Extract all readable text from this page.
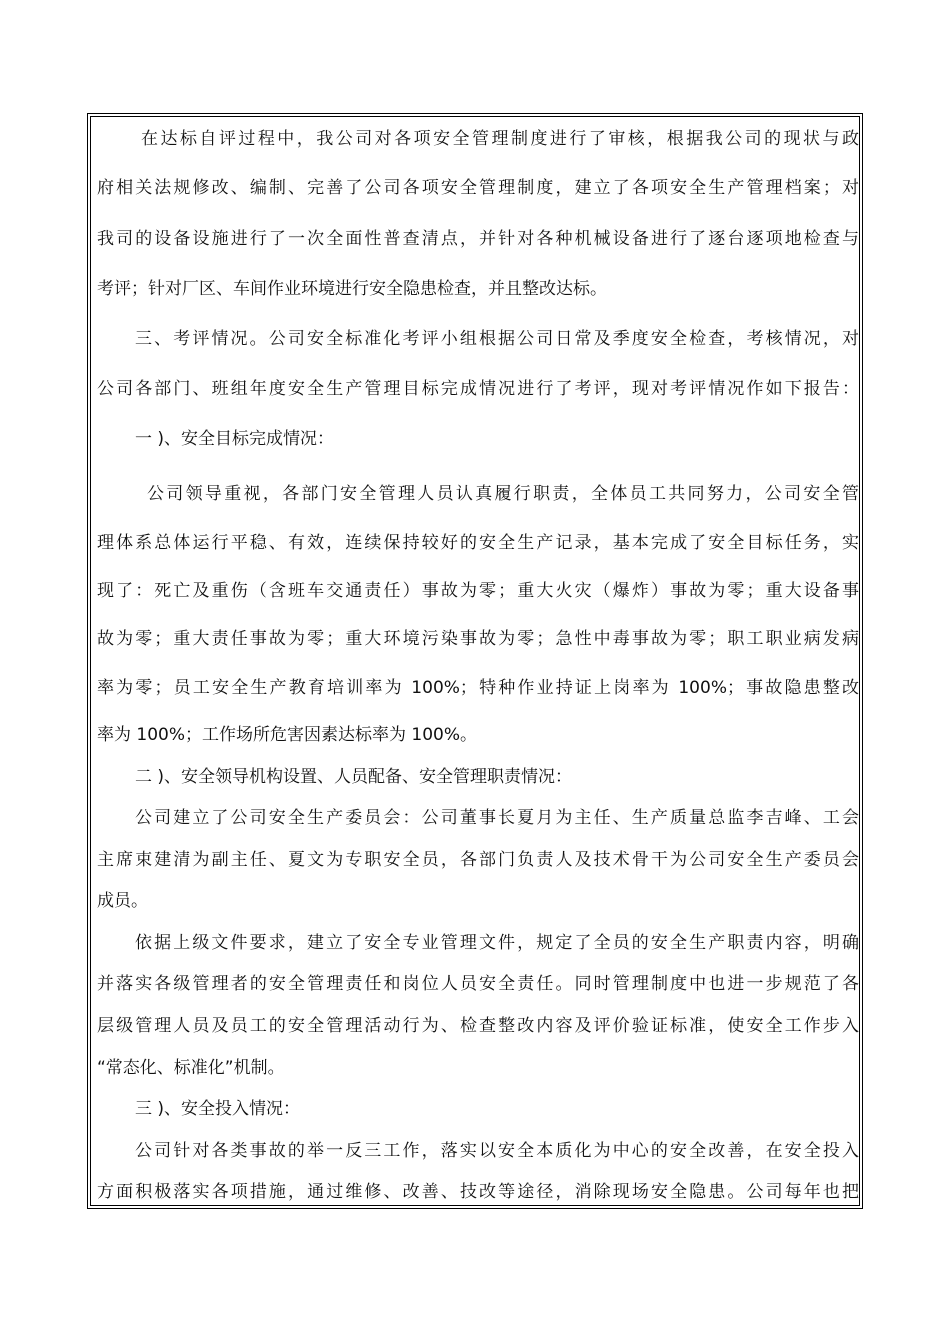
在达标自评过程中，我公司对各项安全管理制度进行了审核，根据我公司的现状与政
府相关法规修改、编制、完善了公司各项安全管理制度，建立了各项安全生产管理档案；对
我司的设备设施进行了一次全面性普查清点，并针对各种机械设备进行了逐台逐项地检查与
考评；针对厂区、车间作业环境进行安全隐患检查，并且整改达标。
三、考评情况。公司安全标准化考评小组根据公司日常及季度安全检查，考核情况，对
公司各部门、班组年度安全生产管理目标完成情况进行了考评，现对考评情况作如下报告：
一 )、安全目标完成情况：
公司领导重视，各部门安全管理人员认真履行职责，全体员工共同努力，公司安全管
理体系总体运行平稳、有效，连续保持较好的安全生产记录，基本完成了安全目标任务，实
现了：死亡及重伤（含班车交通责任）事故为零；重大火灾（爆炸）事故为零；重大设备事
故为零；重大责任事故为零；重大环境污染事故为零；急性中毒事故为零；职工职业病发病
率为零；员工安全生产教育培训率为 100%；特种作业持证上岗率为 100%；事故隐患整改
率为 100%；工作场所危害因素达标率为 100%。
二 )、安全领导机构设置、人员配备、安全管理职责情况：
公司建立了公司安全生产委员会：公司董事长夏月为主任、生产质量总监李吉峰、工会
主席束建清为副主任、夏文为专职安全员，各部门负责人及技术骨干为公司安全生产委员会
成员。
依据上级文件要求，建立了安全专业管理文件，规定了全员的安全生产职责内容，明确
并落实各级管理者的安全管理责任和岗位人员安全责任。同时管理制度中也进一步规范了各
层级管理人员及员工的安全管理活动行为、检查整改内容及评价验证标准，使安全工作步入
“常态化、标准化”机制。
三 )、安全投入情况：
公司针对各类事故的举一反三工作，落实以安全本质化为中心的安全改善，在安全投入
方面积极落实各项措施，通过维修、改善、技改等途径，消除现场安全隐患。公司每年也把
